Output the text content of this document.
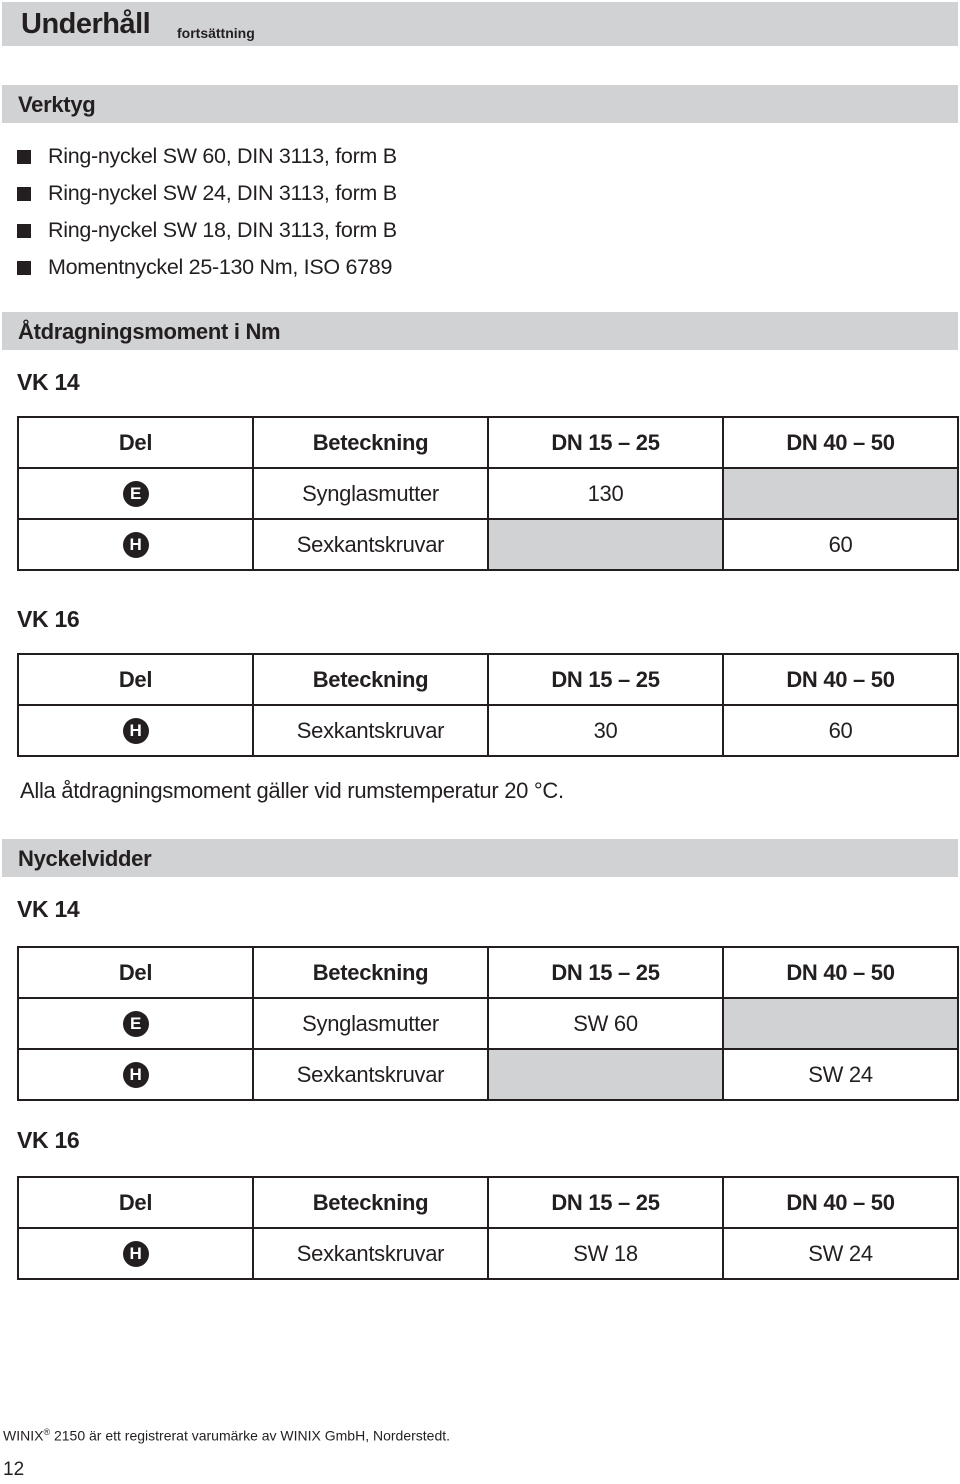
Underhåll fortsättning
Verktyg
Ring-nyckel SW 60, DIN 3113, form B
Ring-nyckel SW 24, DIN 3113, form B
Ring-nyckel SW 18, DIN 3113, form B
Momentnyckel 25-130 Nm, ISO 6789
Åtdragningsmoment i Nm
VK 14
Del	Beteckning	DN 15 – 25	DN 40 – 50
E	Synglasmutter	130	
H	Sexkantskruvar		60
VK 16
Del	Beteckning	DN 15 – 25	DN 40 – 50
H	Sexkantskruvar	30	60
Alla åtdragningsmoment gäller vid rumstemperatur 20 °C.
Nyckelvidder
VK 14
Del	Beteckning	DN 15 – 25	DN 40 – 50
E	Synglasmutter	SW 60	
H	Sexkantskruvar		SW 24
VK 16
Del	Beteckning	DN 15 – 25	DN 40 – 50
H	Sexkantskruvar	SW 18	SW 24
WINIX® 2150 är ett registrerat varumärke av WINIX GmbH, Norderstedt.
12
